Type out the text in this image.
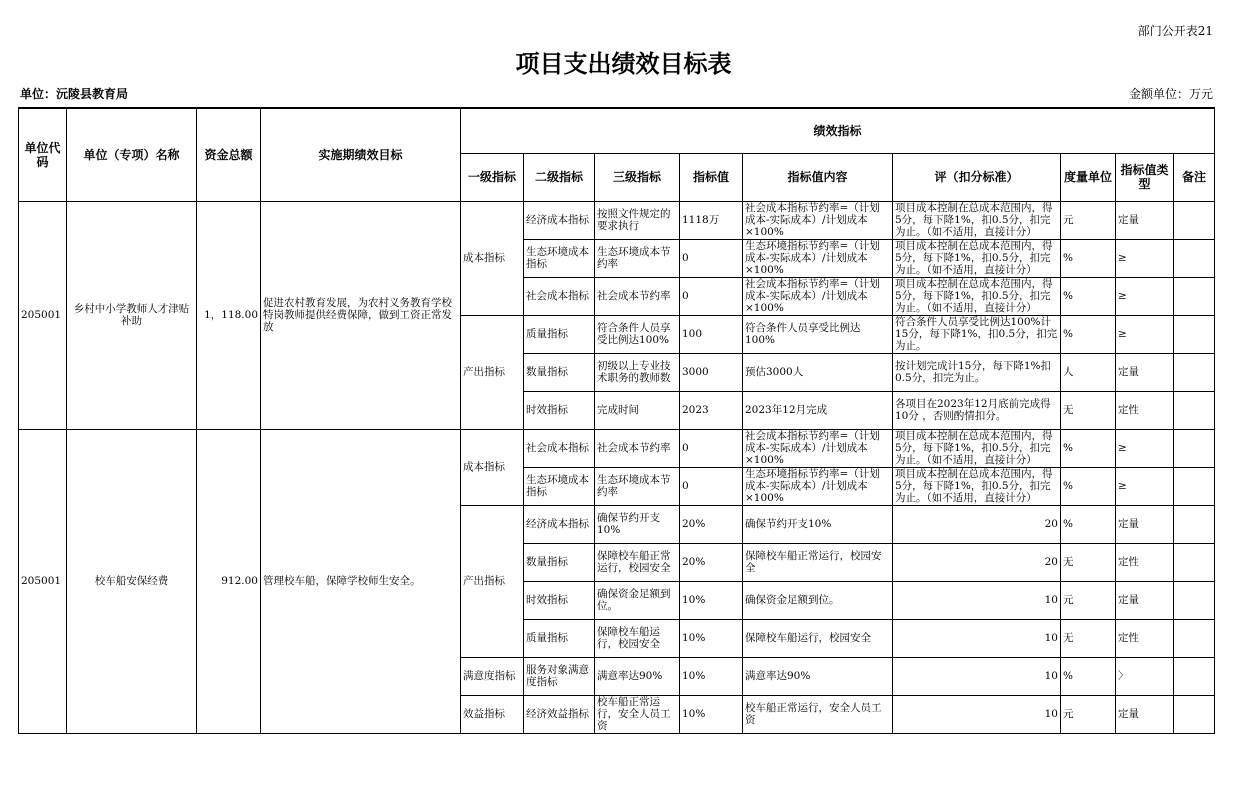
部门公开表21
项目支出绩效目标表
单位：沅陵县教育局	金额单位：万元
单位代码	单位（专项）名称	资金总额	实施期绩效目标	绩效指标								
				一级指标	二级指标	三级指标	指标值	指标值内容	评（扣分标准）	度量单位	指标值类型	备注

205001	乡村中小学教师人才津贴补助	1，118.00	促进农村教育发展，为农村义务教育学校特岗教师提供经费保障，做到工资正常发放	成本指标	经济成本指标	按照文件规定的要求执行	1118万	社会成本指标节约率=（计划成本-实际成本）/计划成本×100%	项目成本控制在总成本范围内，得5分，每下降1%，扣0.5分，扣完为止。（如不适用，直接计分）	元	定量	

					生态环境成本指标	生态环境成本节约率	0	生态环境指标节约率=（计划成本-实际成本）/计划成本×100%	项目成本控制在总成本范围内，得5分，每下降1%，扣0.5分，扣完为止。（如不适用，直接计分）	%	≥	

					社会成本指标	社会成本节约率	0	社会成本指标节约率=（计划成本-实际成本）/计划成本×100%	项目成本控制在总成本范围内，得5分，每下降1%，扣0.5分，扣完为止。（如不适用，直接计分）	%	≥	

				产出指标	质量指标	符合条件人员享受比例达100%	100	符合条件人员享受比例达100%	符合条件人员享受比例达100%计15分，每下降1%，扣0.5分，扣完为止。	%	≥	

					数量指标	初级以上专业技术职务的教师数	3000	预估3000人	按计划完成计15分，每下降1%扣0.5分，扣完为止。	人	定量	

					时效指标	完成时间	2023	2023年12月完成	各项目在2023年12月底前完成得10分 ，否则酌情扣分。	无	定性	

205001	校车船安保经费	912.00	管理校车船，保障学校师生安全。	成本指标	社会成本指标	社会成本节约率	0	社会成本指标节约率=（计划成本-实际成本）/计划成本×100%	项目成本控制在总成本范围内，得5分，每下降1%，扣0.5分，扣完为止。（如不适用，直接计分）	%	≥	

					生态环境成本指标	生态环境成本节约率	0	生态环境指标节约率=（计划成本-实际成本）/计划成本×100%	项目成本控制在总成本范围内，得5分，每下降1%，扣0.5分，扣完为止。（如不适用，直接计分）	%	≥	

				产出指标	经济成本指标	确保节约开支10%	20%	确保节约开支10%	20	%	定量	

					数量指标	保障校车船正常运行，校园安全	20%	保障校车船正常运行，校园安全	20	无	定性	

					时效指标	确保资金足额到位。	10%	确保资金足额到位。	10	元	定量	

					质量指标	保障校车船运行，校园安全	10%	保障校车船运行，校园安全	10	无	定性	

				满意度指标	服务对象满意度指标	满意率达90%	10%	满意率达90%	10	%	〉	

				效益指标	经济效益指标	校车船正常运行，安全人员工资	10%	校车船正常运行，安全人员工资	10	元	定量	
